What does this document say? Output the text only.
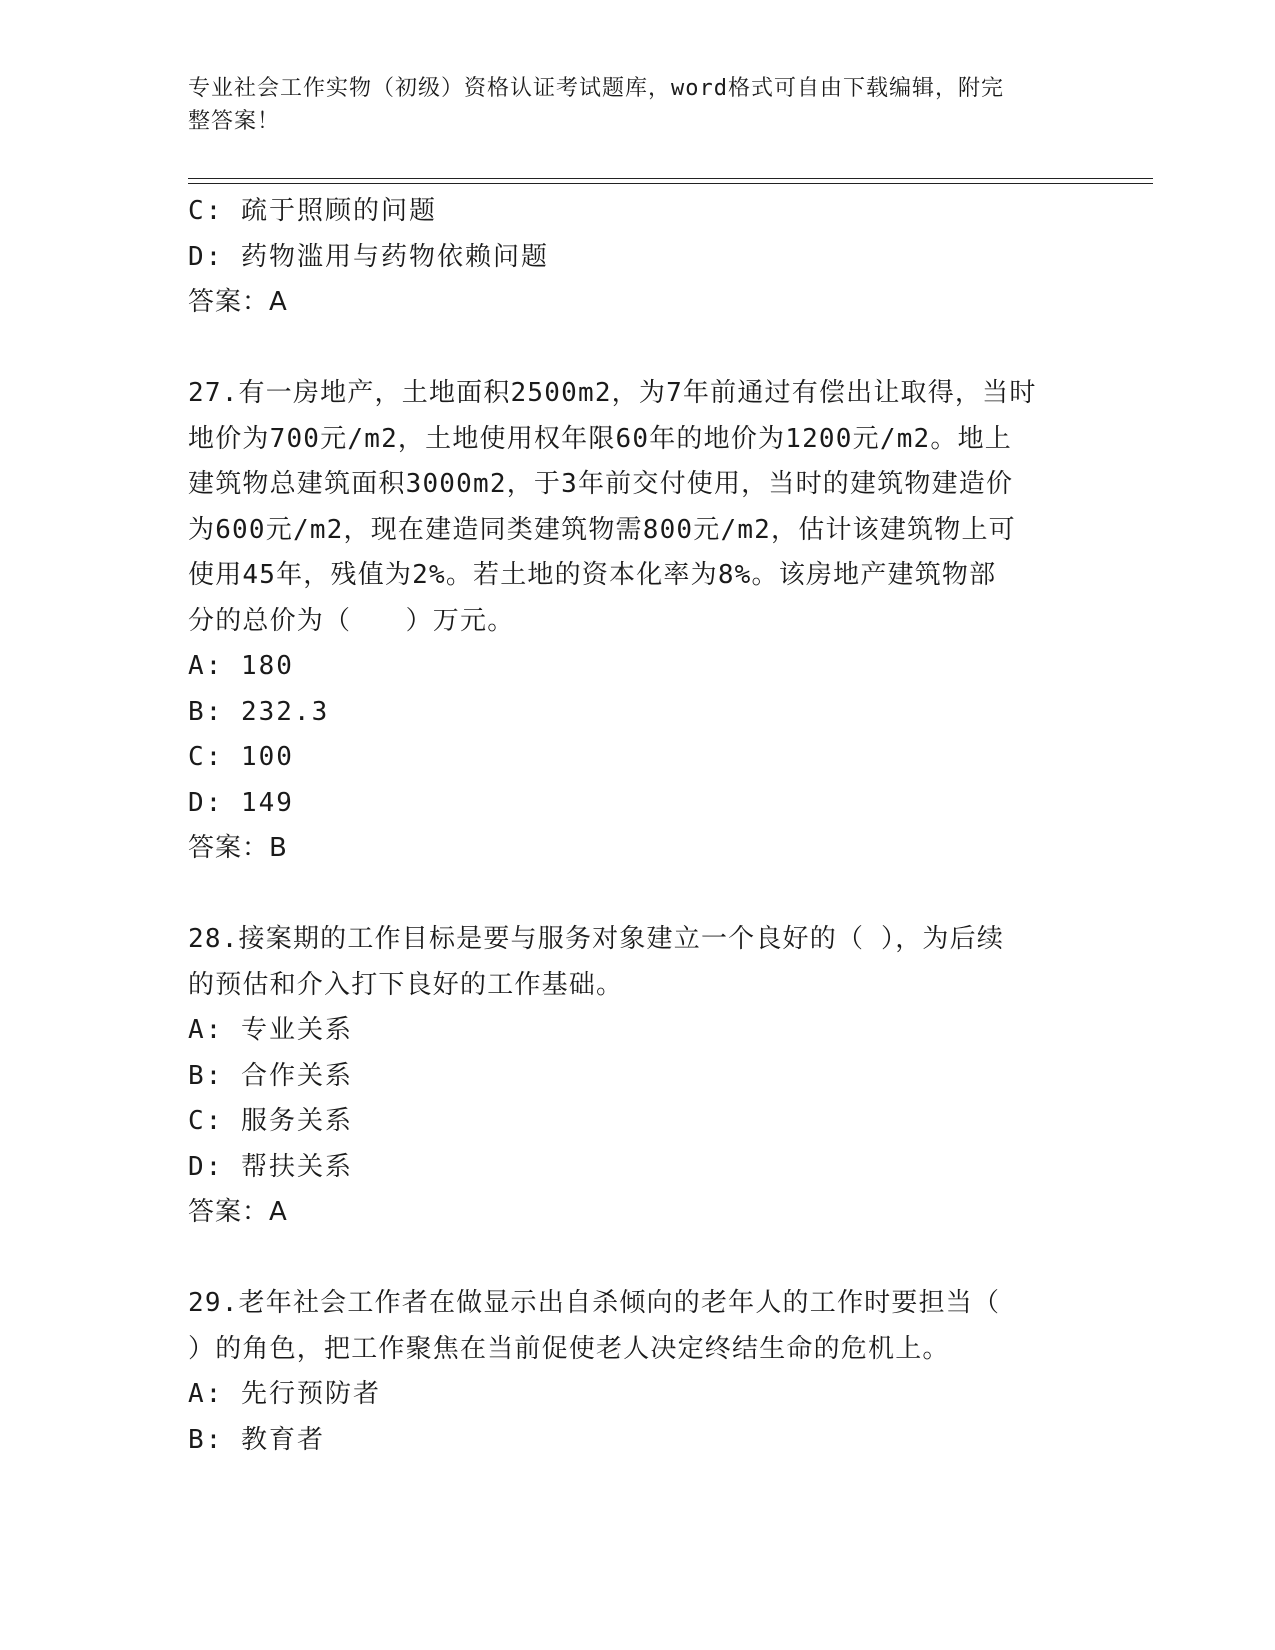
专业社会工作实物（初级）资格认证考试题库，word格式可自由下载编辑，附完
整答案！
C: 疏于照顾的问题
D: 药物滥用与药物依赖问题
答案：A
27.有一房地产，土地面积2500m2，为7年前通过有偿出让取得，当时
地价为700元/m2，土地使用权年限60年的地价为1200元/m2。地上
建筑物总建筑面积3000m2，于3年前交付使用，当时的建筑物建造价
为600元/m2，现在建造同类建筑物需800元/m2，估计该建筑物上可
使用45年，残值为2%。若土地的资本化率为8%。该房地产建筑物部
分的总价为（　　）万元。
A: 180
B: 232.3
C: 100
D: 149
答案：B
28.接案期的工作目标是要与服务对象建立一个良好的（ ），为后续
的预估和介入打下良好的工作基础。
A: 专业关系
B: 合作关系
C: 服务关系
D: 帮扶关系
答案：A
29.老年社会工作者在做显示出自杀倾向的老年人的工作时要担当（
）的角色，把工作聚焦在当前促使老人决定终结生命的危机上。
A: 先行预防者
B: 教育者
